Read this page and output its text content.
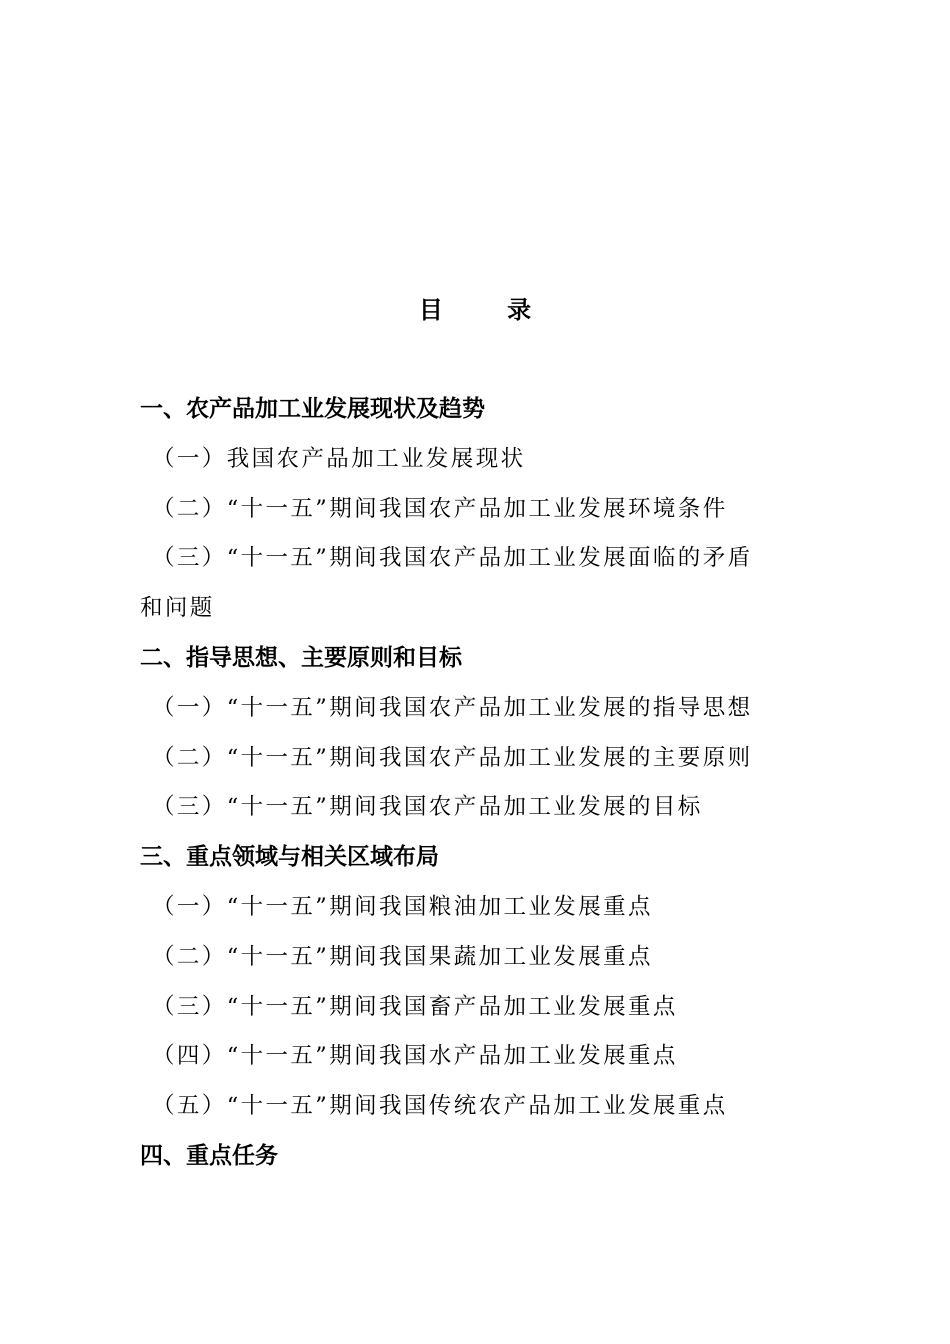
目 录
一、农产品加工业发展现状及趋势
（一）我国农产品加工业发展现状
（二）“十一五”期间我国农产品加工业发展环境条件
（三）“十一五”期间我国农产品加工业发展面临的矛盾
和问题
二、指导思想、主要原则和目标
（一）“十一五”期间我国农产品加工业发展的指导思想
（二）“十一五”期间我国农产品加工业发展的主要原则
（三）“十一五”期间我国农产品加工业发展的目标
三、重点领域与相关区域布局
（一）“十一五”期间我国粮油加工业发展重点
（二）“十一五”期间我国果蔬加工业发展重点
（三）“十一五”期间我国畜产品加工业发展重点
（四）“十一五”期间我国水产品加工业发展重点
（五）“十一五”期间我国传统农产品加工业发展重点
四、重点任务
